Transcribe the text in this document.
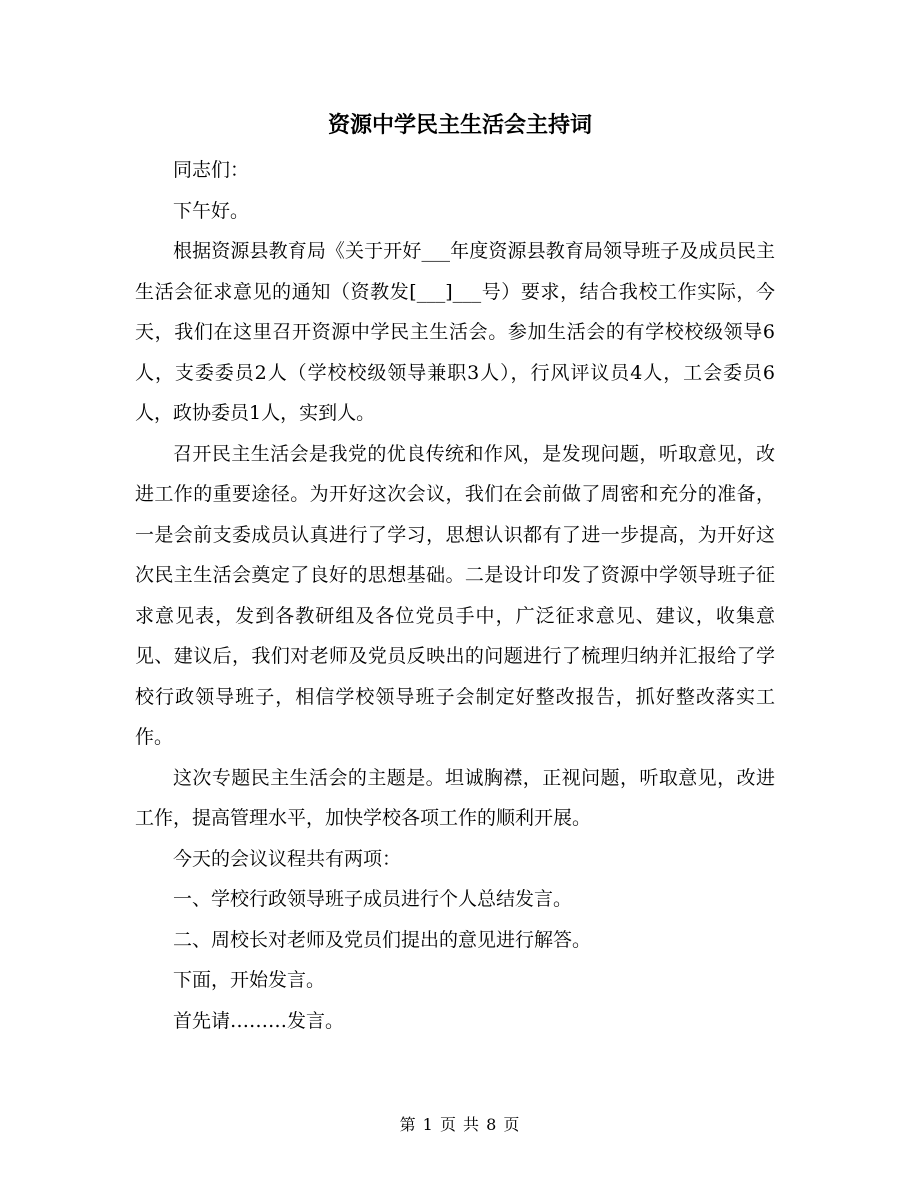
资源中学民主生活会主持词

同志们：

下午好。

根据资源县教育局《关于开好___年度资源县教育局领导班子及成员民主生活会征求意见的通知（资教发[___]___号）要求，结合我校工作实际，今天，我们在这里召开资源中学民主生活会。参加生活会的有学校校级领导6人，支委委员2人（学校校级领导兼职3人），行风评议员4人，工会委员6人，政协委员1人，实到人。

召开民主生活会是我党的优良传统和作风，是发现问题，听取意见，改进工作的重要途径。为开好这次会议，我们在会前做了周密和充分的准备，一是会前支委成员认真进行了学习，思想认识都有了进一步提高，为开好这次民主生活会奠定了良好的思想基础。二是设计印发了资源中学领导班子征求意见表，发到各教研组及各位党员手中，广泛征求意见、建议，收集意见、建议后，我们对老师及党员反映出的问题进行了梳理归纳并汇报给了学校行政领导班子，相信学校领导班子会制定好整改报告，抓好整改落实工作。

这次专题民主生活会的主题是。坦诚胸襟，正视问题，听取意见，改进工作，提高管理水平，加快学校各项工作的顺利开展。

今天的会议议程共有两项：

一、学校行政领导班子成员进行个人总结发言。

二、周校长对老师及党员们提出的意见进行解答。

下面，开始发言。

首先请………发言。

第 1 页 共 8 页
